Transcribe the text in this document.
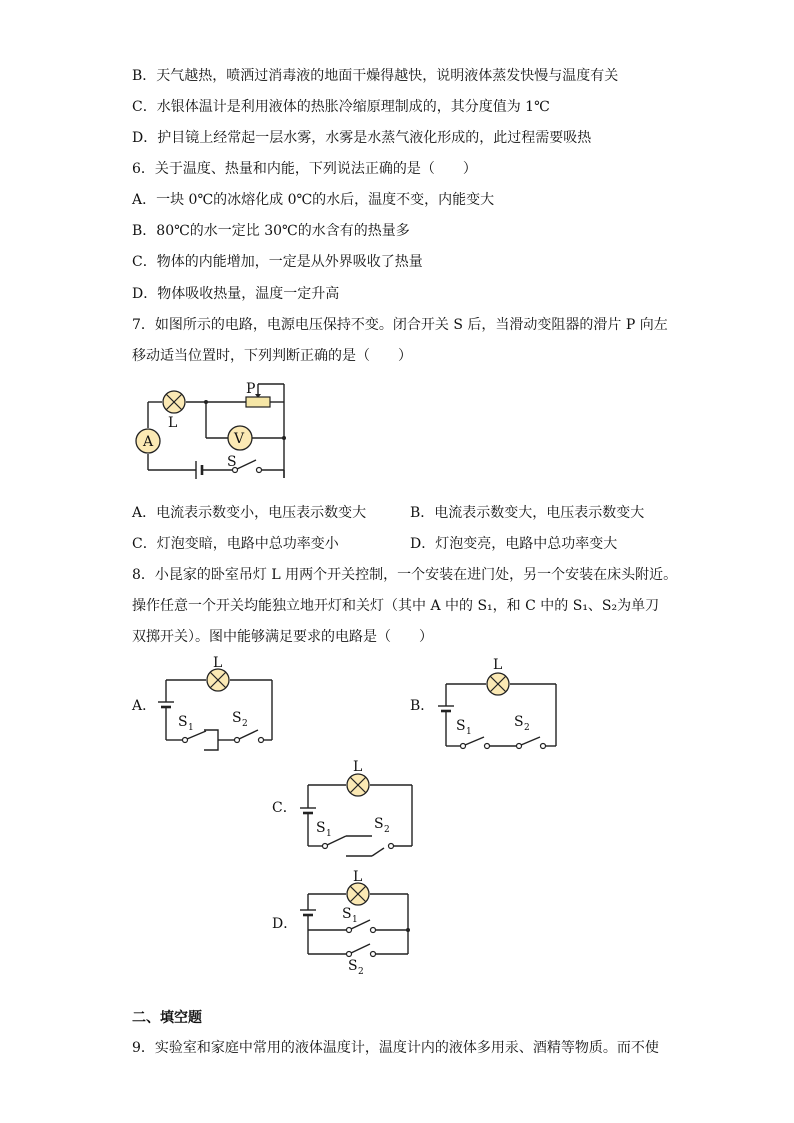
B．天气越热，喷洒过消毒液的地面干燥得越快，说明液体蒸发快慢与温度有关
C．水银体温计是利用液体的热胀冷缩原理制成的，其分度值为 1℃
D．护目镜上经常起一层水雾，水雾是水蒸气液化形成的，此过程需要吸热
6．关于温度、热量和内能，下列说法正确的是（　　）
A．一块 0℃的冰熔化成 0℃的水后，温度不变，内能变大
B．80℃的水一定比 30℃的水含有的热量多
C．物体的内能增加，一定是从外界吸收了热量
D．物体吸收热量，温度一定升高
7．如图所示的电路，电源电压保持不变。闭合开关 S 后，当滑动变阻器的滑片 P 向左
移动适当位置时，下列判断正确的是（　　）
A．电流表示数变小，电压表示数变大	B．电流表示数变大，电压表示数变大
C．灯泡变暗，电路中总功率变小	D．灯泡变亮，电路中总功率变大
8．小昆家的卧室吊灯 L 用两个开关控制，一个安装在进门处，另一个安装在床头附近。
操作任意一个开关均能独立地开灯和关灯（其中 A 中的 S₁，和 C 中的 S₁、S₂为单刀
双掷开关）。图中能够满足要求的电路是（　　）
二、填空题
9．实验室和家庭中常用的液体温度计，温度计内的液体多用汞、酒精等物质。而不使
L
P
A	V
S
A．
L
S 1
S 2
B．
L
S 1
S 2
C．
L
S 1
S 2
D．
L
S 1
S 2
